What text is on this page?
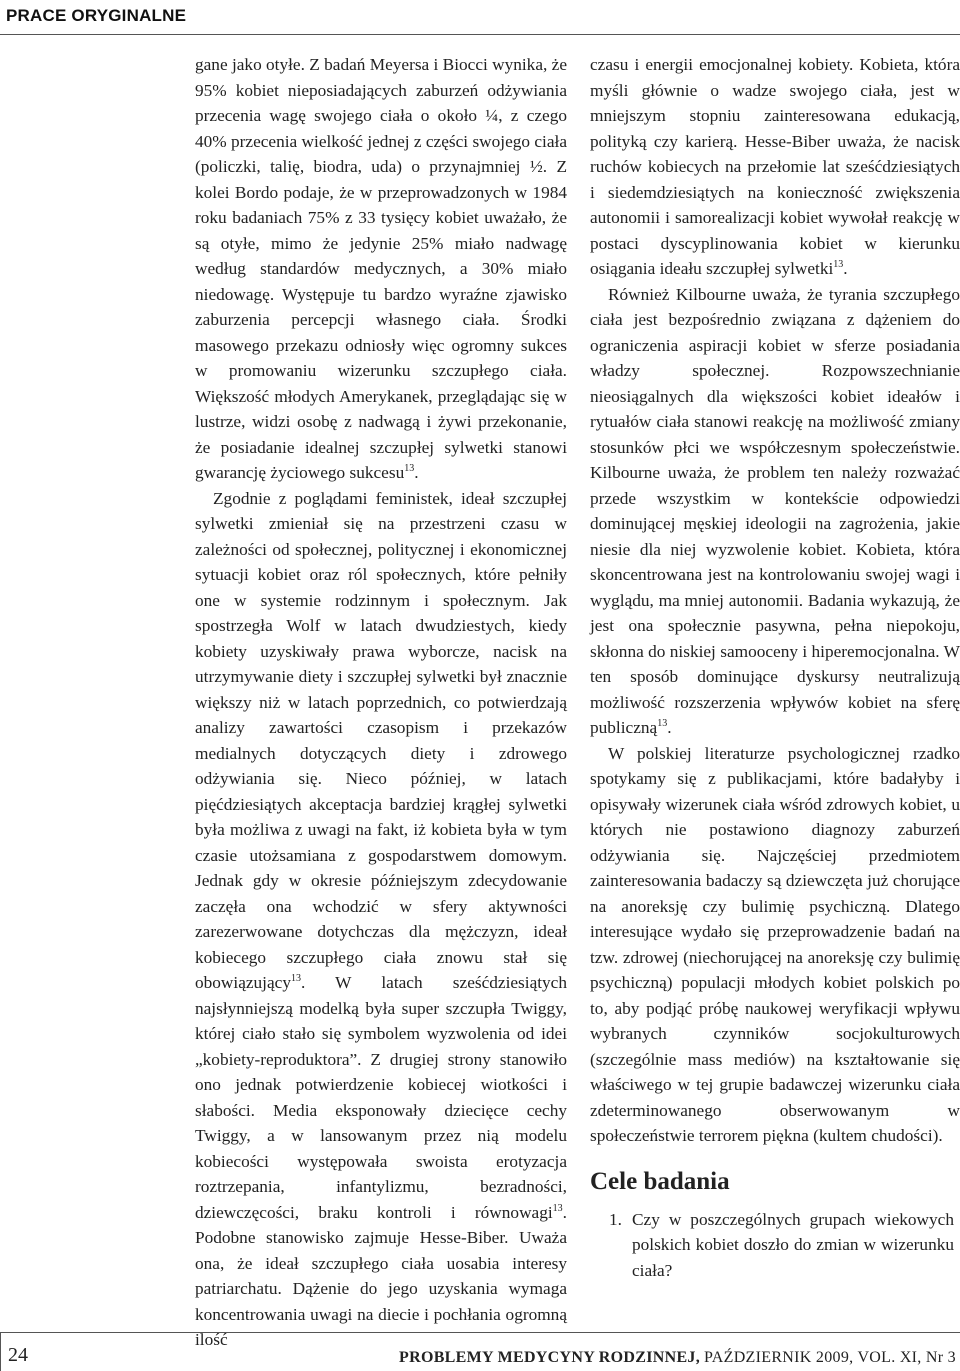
PRACE ORYGINALNE

gane jako otyłe. Z badań Meyersa i Biocci wynika, że 95% kobiet nieposiadających zaburzeń odżywiania przecenia wagę swojego ciała o około ¼, z czego 40% przecenia wielkość jednej z części swojego ciała (policzki, talię, biodra, uda) o przynajmniej ½. Z kolei Bordo podaje, że w przeprowadzonych w 1984 roku badaniach 75% z 33 tysięcy kobiet uważało, że są otyłe, mimo że jedynie 25% miało nadwagę według standardów medycznych, a 30% miało niedowagę. Występuje tu bardzo wyraźne zjawisko zaburzenia percepcji własnego ciała. Środki masowego przekazu odniosły więc ogromny sukces w promowaniu wizerunku szczupłego ciała. Większość młodych Amerykanek, przeglądając się w lustrze, widzi osobę z nadwagą i żywi przekonanie, że posiadanie idealnej szczupłej sylwetki stanowi gwarancję życiowego sukcesu$^{13}$.

Zgodnie z poglądami feministek, ideał szczupłej sylwetki zmieniał się na przestrzeni czasu w zależności od społecznej, politycznej i ekonomicznej sytuacji kobiet oraz ról społecznych, które pełniły one w systemie rodzinnym i społecznym. Jak spostrzegła Wolf w latach dwudziestych, kiedy kobiety uzyskiwały prawa wyborcze, nacisk na utrzymywanie diety i szczupłej sylwetki był znacznie większy niż w latach poprzednich, co potwierdzają analizy zawartości czasopism i przekazów medialnych dotyczących diety i zdrowego odżywiania się. Nieco później, w latach pięćdziesiątych akceptacja bardziej krągłej sylwetki była możliwa z uwagi na fakt, iż kobieta była w tym czasie utożsamiana z gospodarstwem domowym. Jednak gdy w okresie późniejszym zdecydowanie zaczęła ona wchodzić w sfery aktywności zarezerwowane dotychczas dla mężczyzn, ideał kobiecego szczupłego ciała znowu stał się obowiązujący$^{13}$. W latach sześćdziesiątych najsłynniejszą modelką była super szczupła Twiggy, której ciało stało się symbolem wyzwolenia od idei „kobiety-reproduktora”. Z drugiej strony stanowiło ono jednak potwierdzenie kobiecej wiotkości i słabości. Media eksponowały dziecięce cechy Twiggy, a w lansowanym przez nią modelu kobiecości występowała swoista erotyzacja roztrzepania, infantylizmu, bezradności, dziewczęcości, braku kontroli i równowagi$^{13}$. Podobne stanowisko zajmuje Hesse-Biber. Uważa ona, że ideał szczupłego ciała uosabia interesy patriarchatu. Dążenie do jego uzyskania wymaga koncentrowania uwagi na diecie i pochłania ogromną ilość

czasu i energii emocjonalnej kobiety. Kobieta, która myśli głównie o wadze swojego ciała, jest w mniejszym stopniu zainteresowana edukacją, polityką czy karierą. Hesse-Biber uważa, że nacisk ruchów kobiecych na przełomie lat sześćdziesiątych i siedemdziesiątych na konieczność zwiększenia autonomii i samorealizacji kobiet wywołał reakcję w postaci dyscyplinowania kobiet w kierunku osiągania ideału szczupłej sylwetki$^{13}$.

Również Kilbourne uważa, że tyrania szczupłego ciała jest bezpośrednio związana z dążeniem do ograniczenia aspiracji kobiet w sferze posiadania władzy społecznej. Rozpowszechnianie nieosiągalnych dla większości kobiet ideałów i rytuałów ciała stanowi reakcję na możliwość zmiany stosunków płci we współczesnym społeczeństwie. Kilbourne uważa, że problem ten należy rozważać przede wszystkim w kontekście odpowiedzi dominującej męskiej ideologii na zagrożenia, jakie niesie dla niej wyzwolenie kobiet. Kobieta, która skoncentrowana jest na kontrolowaniu swojej wagi i wyglądu, ma mniej autonomii. Badania wykazują, że jest ona społecznie pasywna, pełna niepokoju, skłonna do niskiej samooceny i hiperemocjonalna. W ten sposób dominujące dyskursy neutralizują możliwość rozszerzenia wpływów kobiet na sferę publiczną$^{13}$.

W polskiej literaturze psychologicznej rzadko spotykamy się z publikacjami, które badałyby i opisywały wizerunek ciała wśród zdrowych kobiet, u których nie postawiono diagnozy zaburzeń odżywiania się. Najczęściej przedmiotem zainteresowania badaczy są dziewczęta już chorujące na anoreksję czy bulimię psychiczną. Dlatego interesujące wydało się przeprowadzenie badań na tzw. zdrowej (niechorującej na anoreksję czy bulimię psychiczną) populacji młodych kobiet polskich po to, aby podjąć próbę naukowej weryfikacji wpływu wybranych czynników socjokulturowych (szczególnie mass mediów) na kształtowanie się właściwego w tej grupie badawczej wizerunku ciała zdeterminowanego obserwowanym w społeczeństwie terrorem piękna (kultem chudości).

Cele badania
1. Czy w poszczególnych grupach wiekowych polskich kobiet doszło do zmian w wizerunku ciała?
24	PROBLEMY MEDYCYNY RODZINNEJ, PAŹDZIERNIK 2009, VOL. XI, Nr 3
